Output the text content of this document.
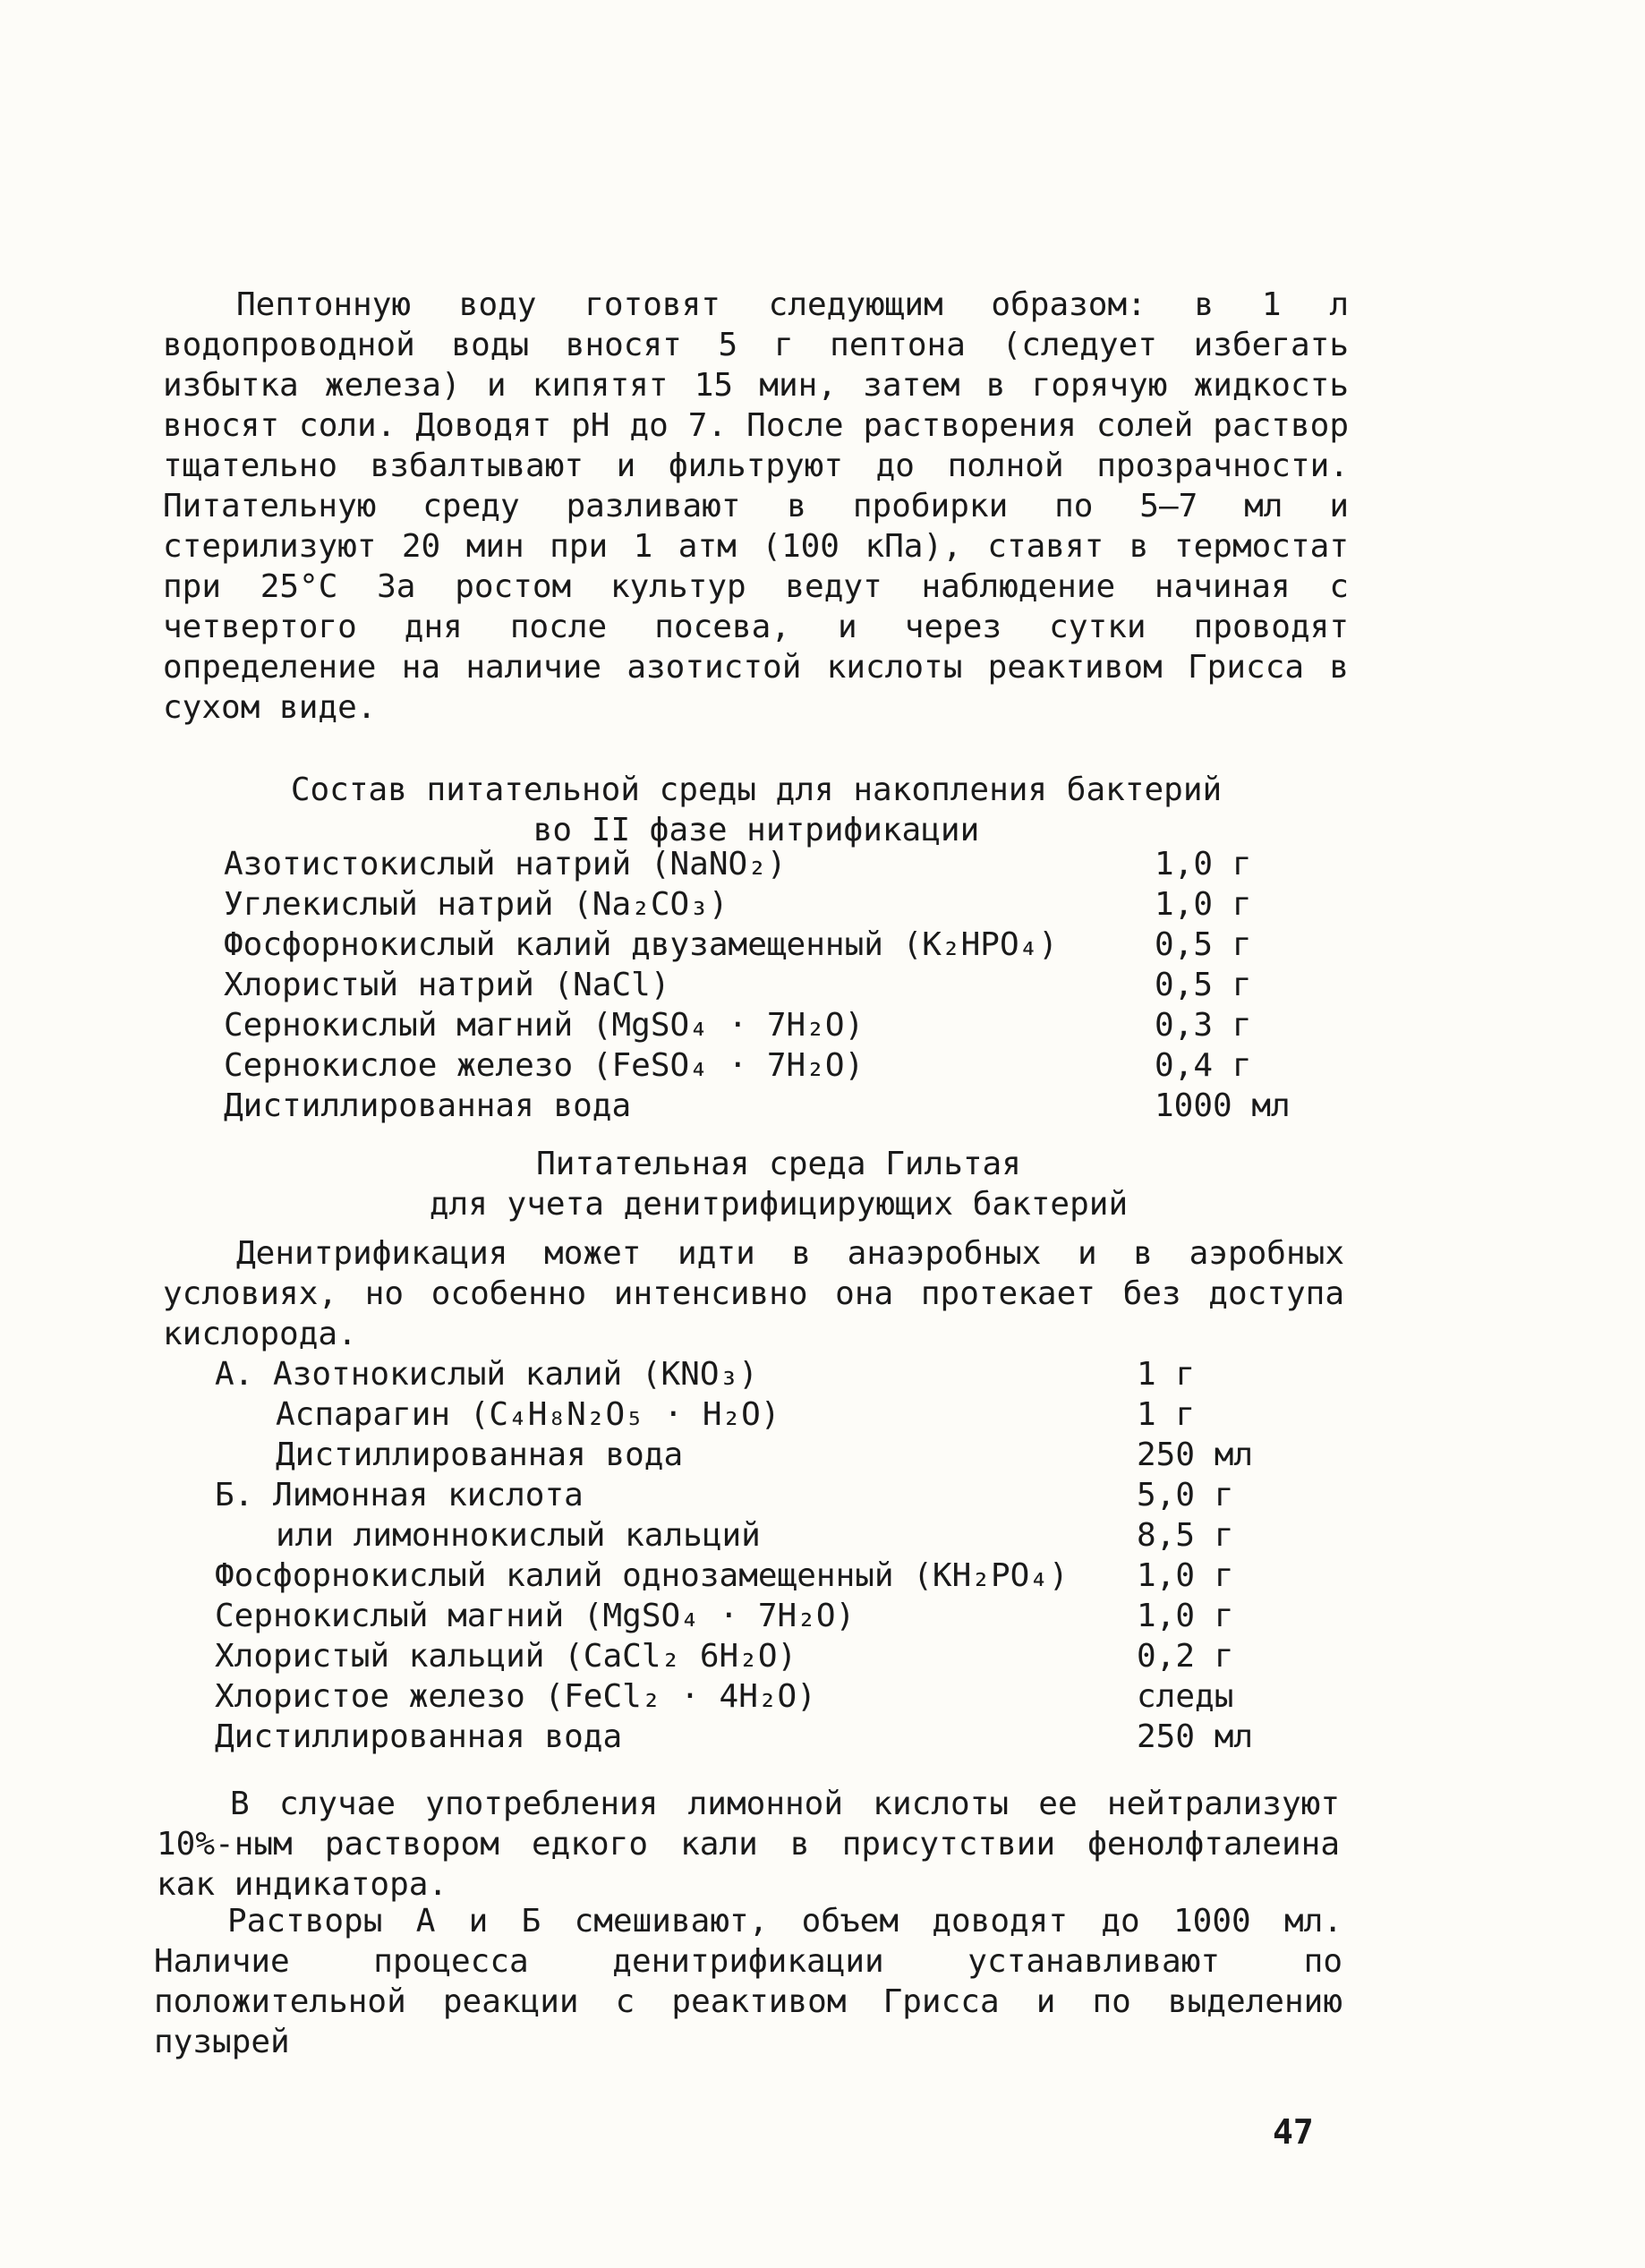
Пептонную воду готовят следующим образом: в 1 л водопроводной воды вносят 5 г пептона (следует избегать избытка железа) и кипятят 15 мин, затем в горячую жидкость вносят соли. Доводят pH до 7. После растворения солей раствор тщательно взбалтывают и фильтруют до полной прозрачности. Питательную среду разливают в пробирки по 5–7 мл и стерилизуют 20 мин при 1 атм (100 кПа), ставят в термостат при 25°С За ростом культур ведут наблюдение начиная с четвертого дня после посева, и через сутки проводят определение на наличие азотистой кислоты реактивом Грисса в сухом виде.

Состав питательной среды для накопления бактерий
во II фазе нитрификации
Азотистокислый натрий (NaNO₂)	1,0 г
Углекислый натрий (Na₂CO₃)	1,0 г
Фосфорнокислый калий двузамещенный (K₂HPO₄)	0,5 г
Хлористый натрий (NaCl)	0,5 г
Сернокислый магний (MgSO₄ · 7H₂O)	0,3 г
Сернокислое железо (FeSO₄ · 7H₂O)	0,4 г
Дистиллированная вода	1000 мл
Питательная среда Гильтая
для учета денитрифицирующих бактерий

Денитрификация может идти в анаэробных и в аэробных условиях, но особенно интенсивно она протекает без доступа кислорода.

А. Азотнокислый калий (KNO₃)	1 г
Аспарагин (C₄H₈N₂O₅ · H₂O)	1 г
Дистиллированная вода	250 мл
Б. Лимонная кислота	5,0 г
или лимоннокислый кальций	8,5 г
Фосфорнокислый калий однозамещенный (KH₂PO₄) 1,0 г
Сернокислый магний (MgSO₄ · 7H₂O)	1,0 г
Хлористый кальций (CaCl₂ 6H₂O)	0,2 г
Хлористое железо (FeCl₂ · 4H₂O)	следы
Дистиллированная вода	250 мл

В случае употребления лимонной кислоты ее нейтрализуют 10%-ным раствором едкого кали в присутствии фенолфталеина как индикатора.

Растворы А и Б смешивают, объем доводят до 1000 мл. Наличие процесса денитрификации устанавливают по положительной реакции с реактивом Грисса и по выделению пузырей

47
